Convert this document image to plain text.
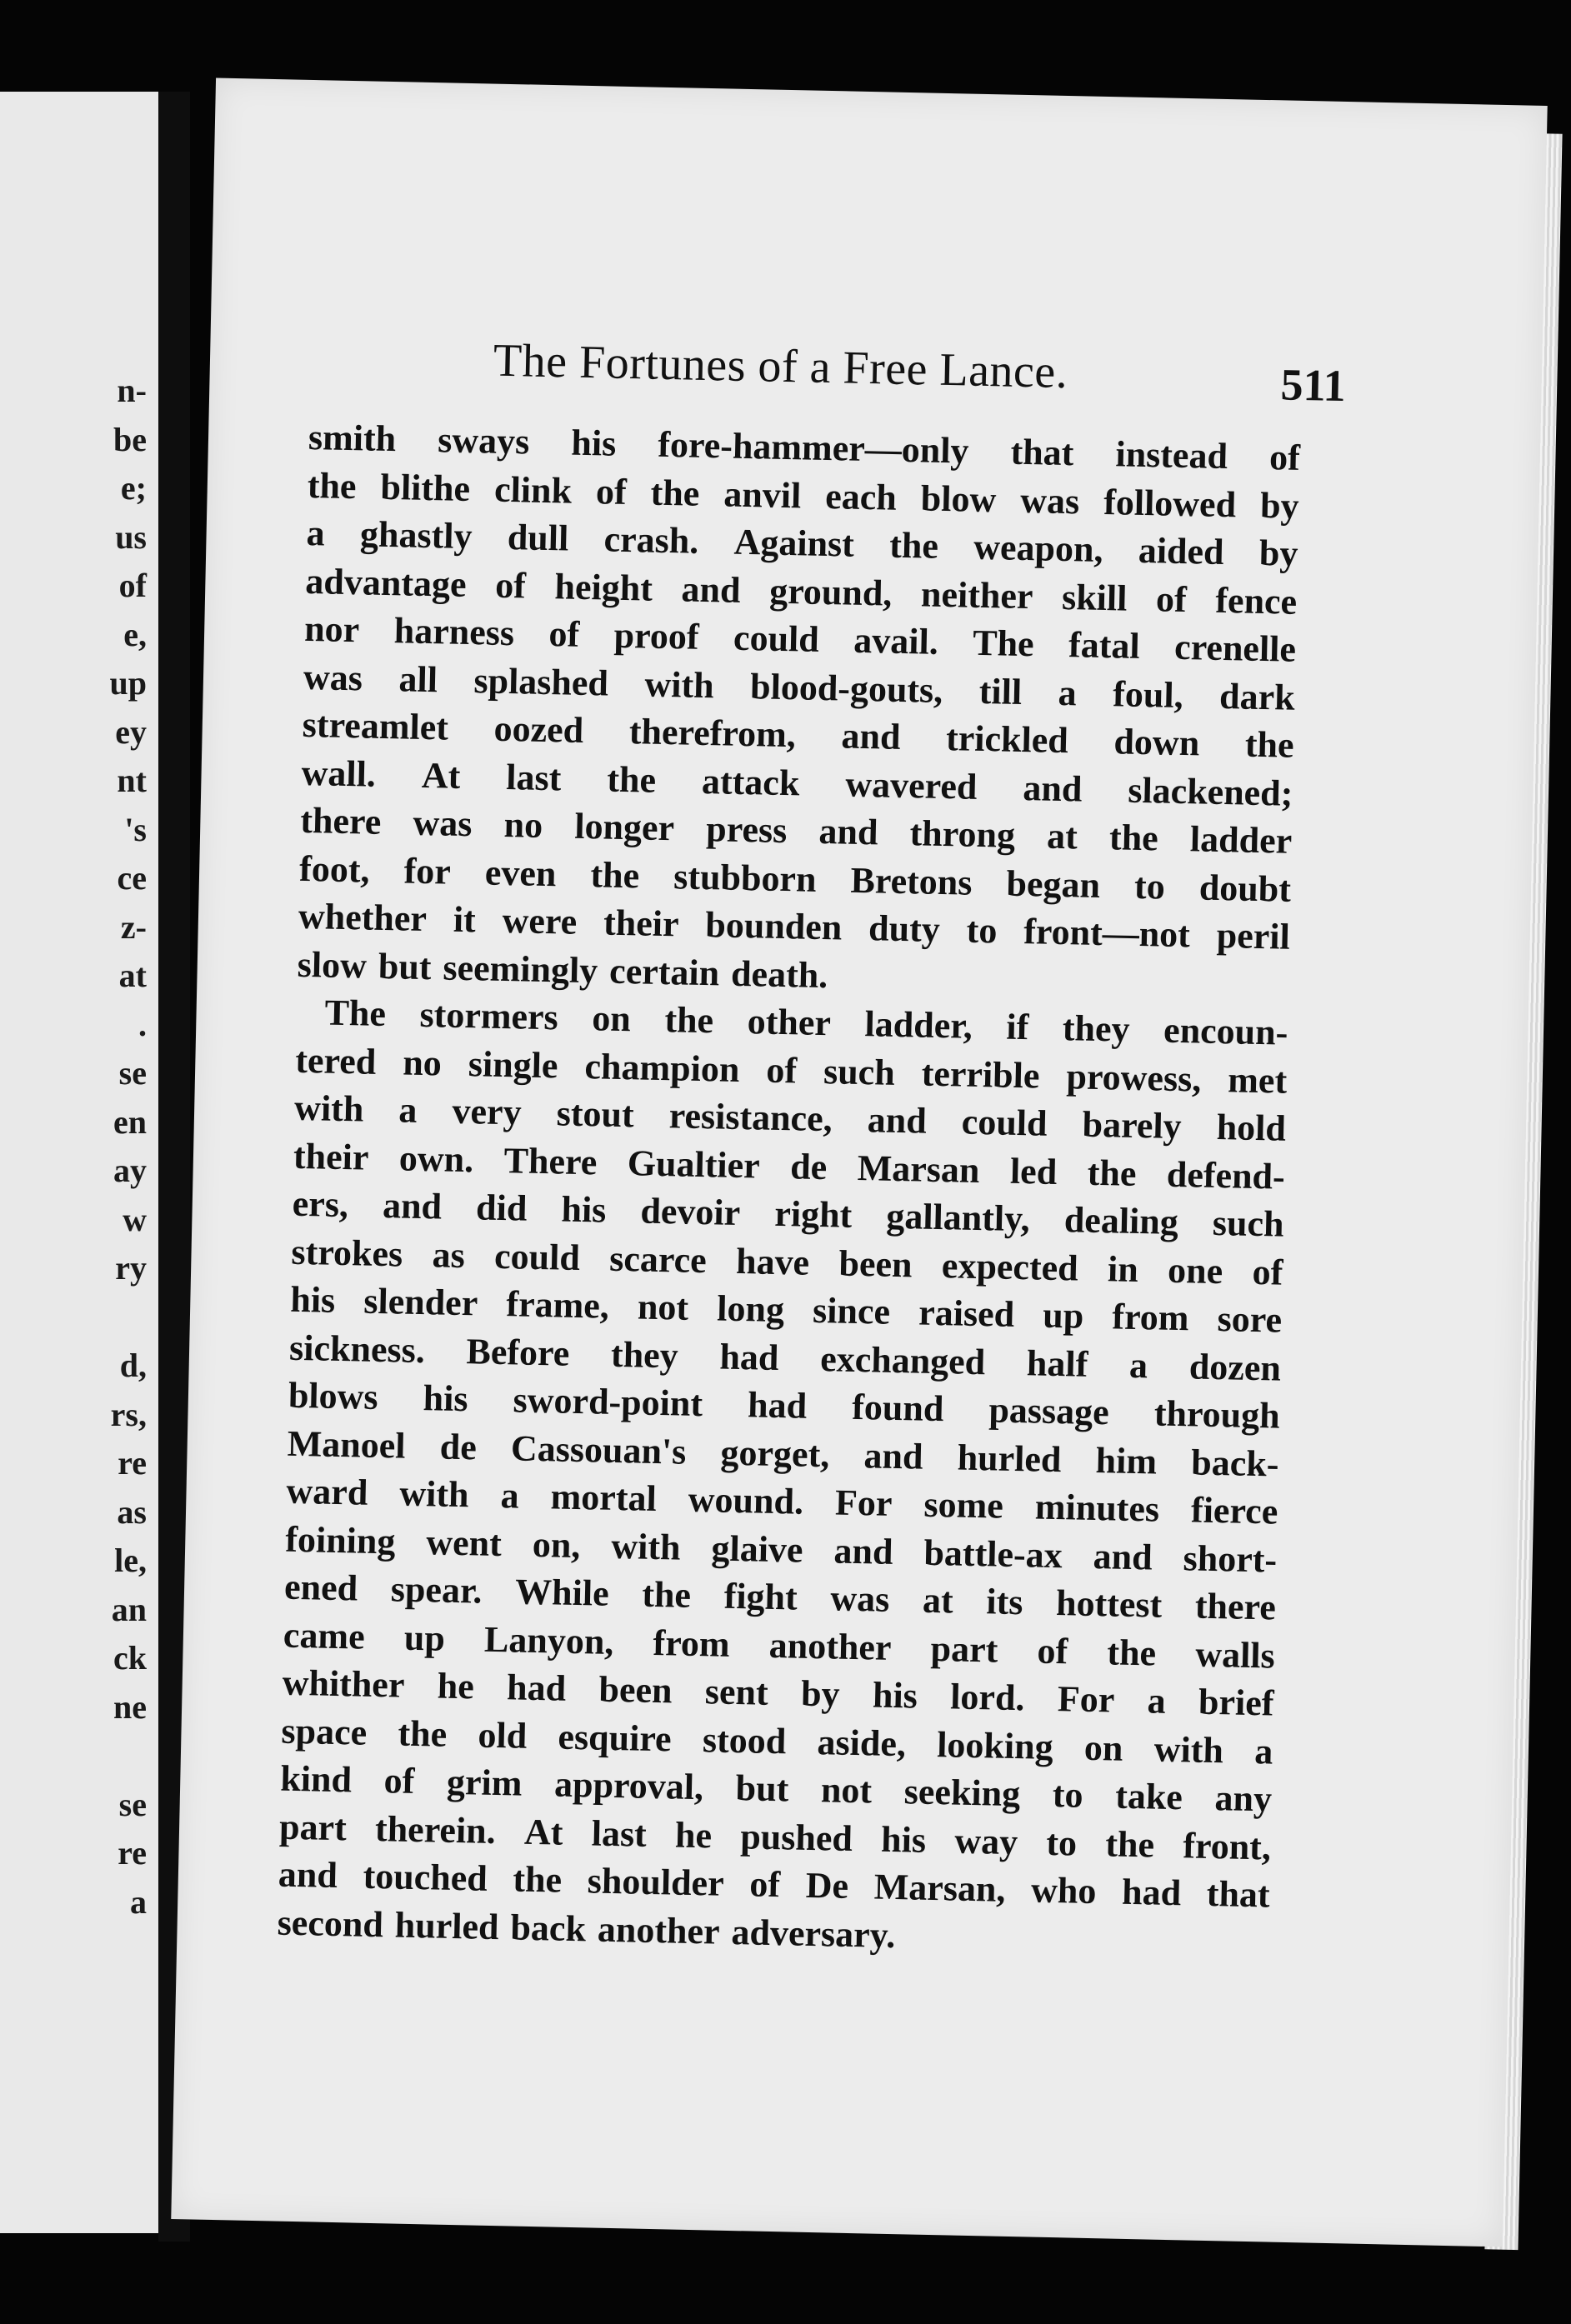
n-
be
e;
us
of
e,
up
ey
nt
's
ce
z-
at
.
se
en
ay
w
ry
d,
rs,
re
as
le,
an
ck
ne
se
re
a
The Fortunes of a Free Lance.	511
smith sways his fore-hammer—only that instead of
the blithe clink of the anvil each blow was followed by
a ghastly dull crash. Against the weapon, aided by
advantage of height and ground, neither skill of fence
nor harness of proof could avail. The fatal crenelle
was all splashed with blood-gouts, till a foul, dark
streamlet oozed therefrom, and trickled down the
wall. At last the attack wavered and slackened;
there was no longer press and throng at the ladder
foot, for even the stubborn Bretons began to doubt
whether it were their bounden duty to front—not peril
slow but seemingly certain death.
The stormers on the other ladder, if they encoun-
tered no single champion of such terrible prowess, met
with a very stout resistance, and could barely hold
their own. There Gualtier de Marsan led the defend-
ers, and did his devoir right gallantly, dealing such
strokes as could scarce have been expected in one of
his slender frame, not long since raised up from sore
sickness. Before they had exchanged half a dozen
blows his sword-point had found passage through
Manoel de Cassouan's gorget, and hurled him back-
ward with a mortal wound. For some minutes fierce
foining went on, with glaive and battle-ax and short-
ened spear. While the fight was at its hottest there
came up Lanyon, from another part of the walls
whither he had been sent by his lord. For a brief
space the old esquire stood aside, looking on with a
kind of grim approval, but not seeking to take any
part therein. At last he pushed his way to the front,
and touched the shoulder of De Marsan, who had that
second hurled back another adversary.
